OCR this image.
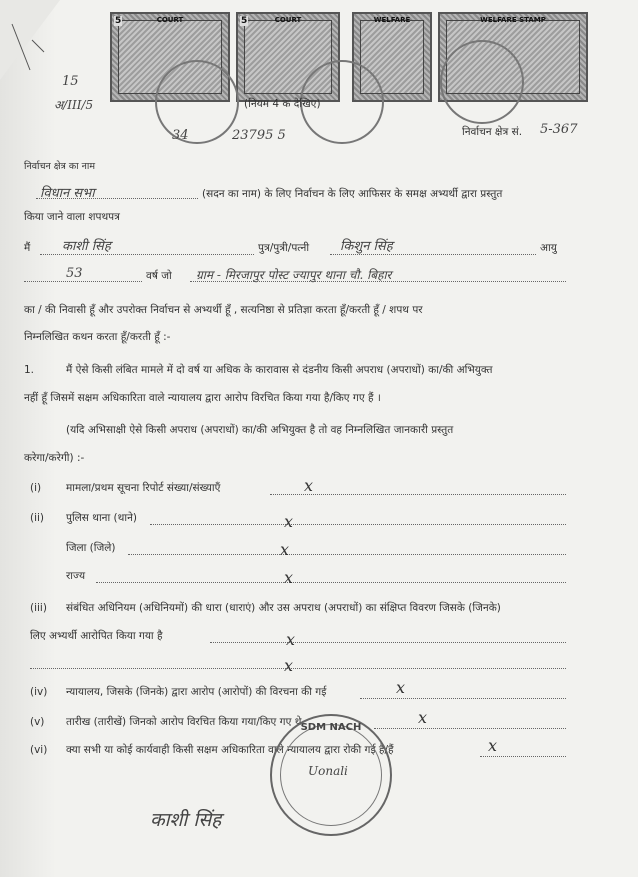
5	COURT	5	COURT	WELFARE	WELFARE STAMP
15
अ/III/5
34	23795 5
(नियम 4 क देखिए)
निर्वाचन क्षेत्र सं. 5-367
निर्वाचन क्षेत्र का नाम
विधान सभा	(सदन का नाम) के लिए निर्वाचन के लिए आफिसर के समक्ष अभ्यर्थी द्वारा प्रस्तुत
किया जाने वाला शपथपत्र
मैं काशी सिंह	पुत्र/पुत्री/पत्नी किशुन सिंह	आयु
53	वर्ष जो ग्राम - मिरजापुर पोस्ट ज्यापुर थाना चौ. बिहार
का / की निवासी हूँ और उपरोक्त निर्वाचन से अभ्यर्थी हूँ , सत्यनिष्ठा से प्रतिज्ञा करता हूँ/करती हूँ / शपथ पर
निम्नलिखित कथन करता हूँ/करती हूँ :-
1.	मैं ऐसे किसी लंबित मामले में दो वर्ष या अधिक के कारावास से दंडनीय किसी अपराध (अपराधों) का/की अभियुक्त
नहीं हूँ जिसमें सक्षम अधिकारिता वाले न्यायालय द्वारा आरोप विरचित किया गया है/किए गए हैं ।
(यदि अभिसाक्षी ऐसे किसी अपराध (अपराधों) का/की अभियुक्त है तो वह निम्नलिखित जानकारी प्रस्तुत
करेगा/करेगी) :-
(i) मामला/प्रथम सूचना रिपोर्ट संख्या/संख्याएँ	x
(ii) पुलिस थाना (थाने)	x
जिला (जिले)	x
राज्य	x
(iii) संबंधित अधिनियम (अधिनियमों) की धारा (धाराएं) और उस अपराध (अपराधों) का संक्षिप्त विवरण जिसके (जिनके)
लिए अभ्यर्थी आरोपित किया गया है	x
x
(iv) न्यायालय, जिसके (जिनके) द्वारा आरोप (आरोपों) की विरचना की गई	x
(v) तारीख (तारीखें) जिनको आरोप विरचित किया गया/किए गए थे	x
(vi) क्या सभी या कोई कार्यवाही किसी सक्षम अधिकारिता वाले न्यायालय द्वारा रोकी गई है/हैं	x
SDM NACH
Uonali
काशी सिंह
